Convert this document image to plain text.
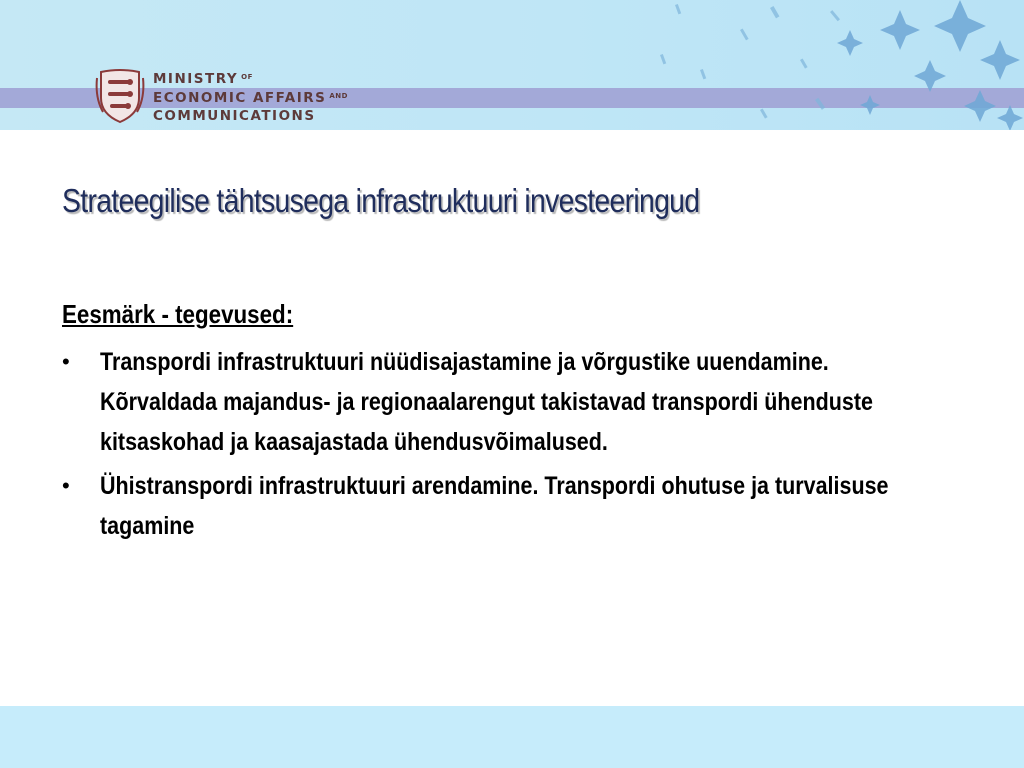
MINISTRY $^{OF}$
ECONOMIC AFFAIRS $^{AND}$
COMMUNICATIONS
Strateegilise tähtsusega infrastruktuuri investeeringud
Eesmärk - tegevused:
• Transpordi infrastruktuuri nüüdisajastamine ja võrgustike uuendamine. Kõrvaldada majandus- ja regionaalarengut takistavad transpordi ühenduste kitsaskohad ja kaasajastada ühendusvõimalused.
• Ühistranspordi infrastruktuuri arendamine. Transpordi ohutuse ja turvalisuse tagamine
